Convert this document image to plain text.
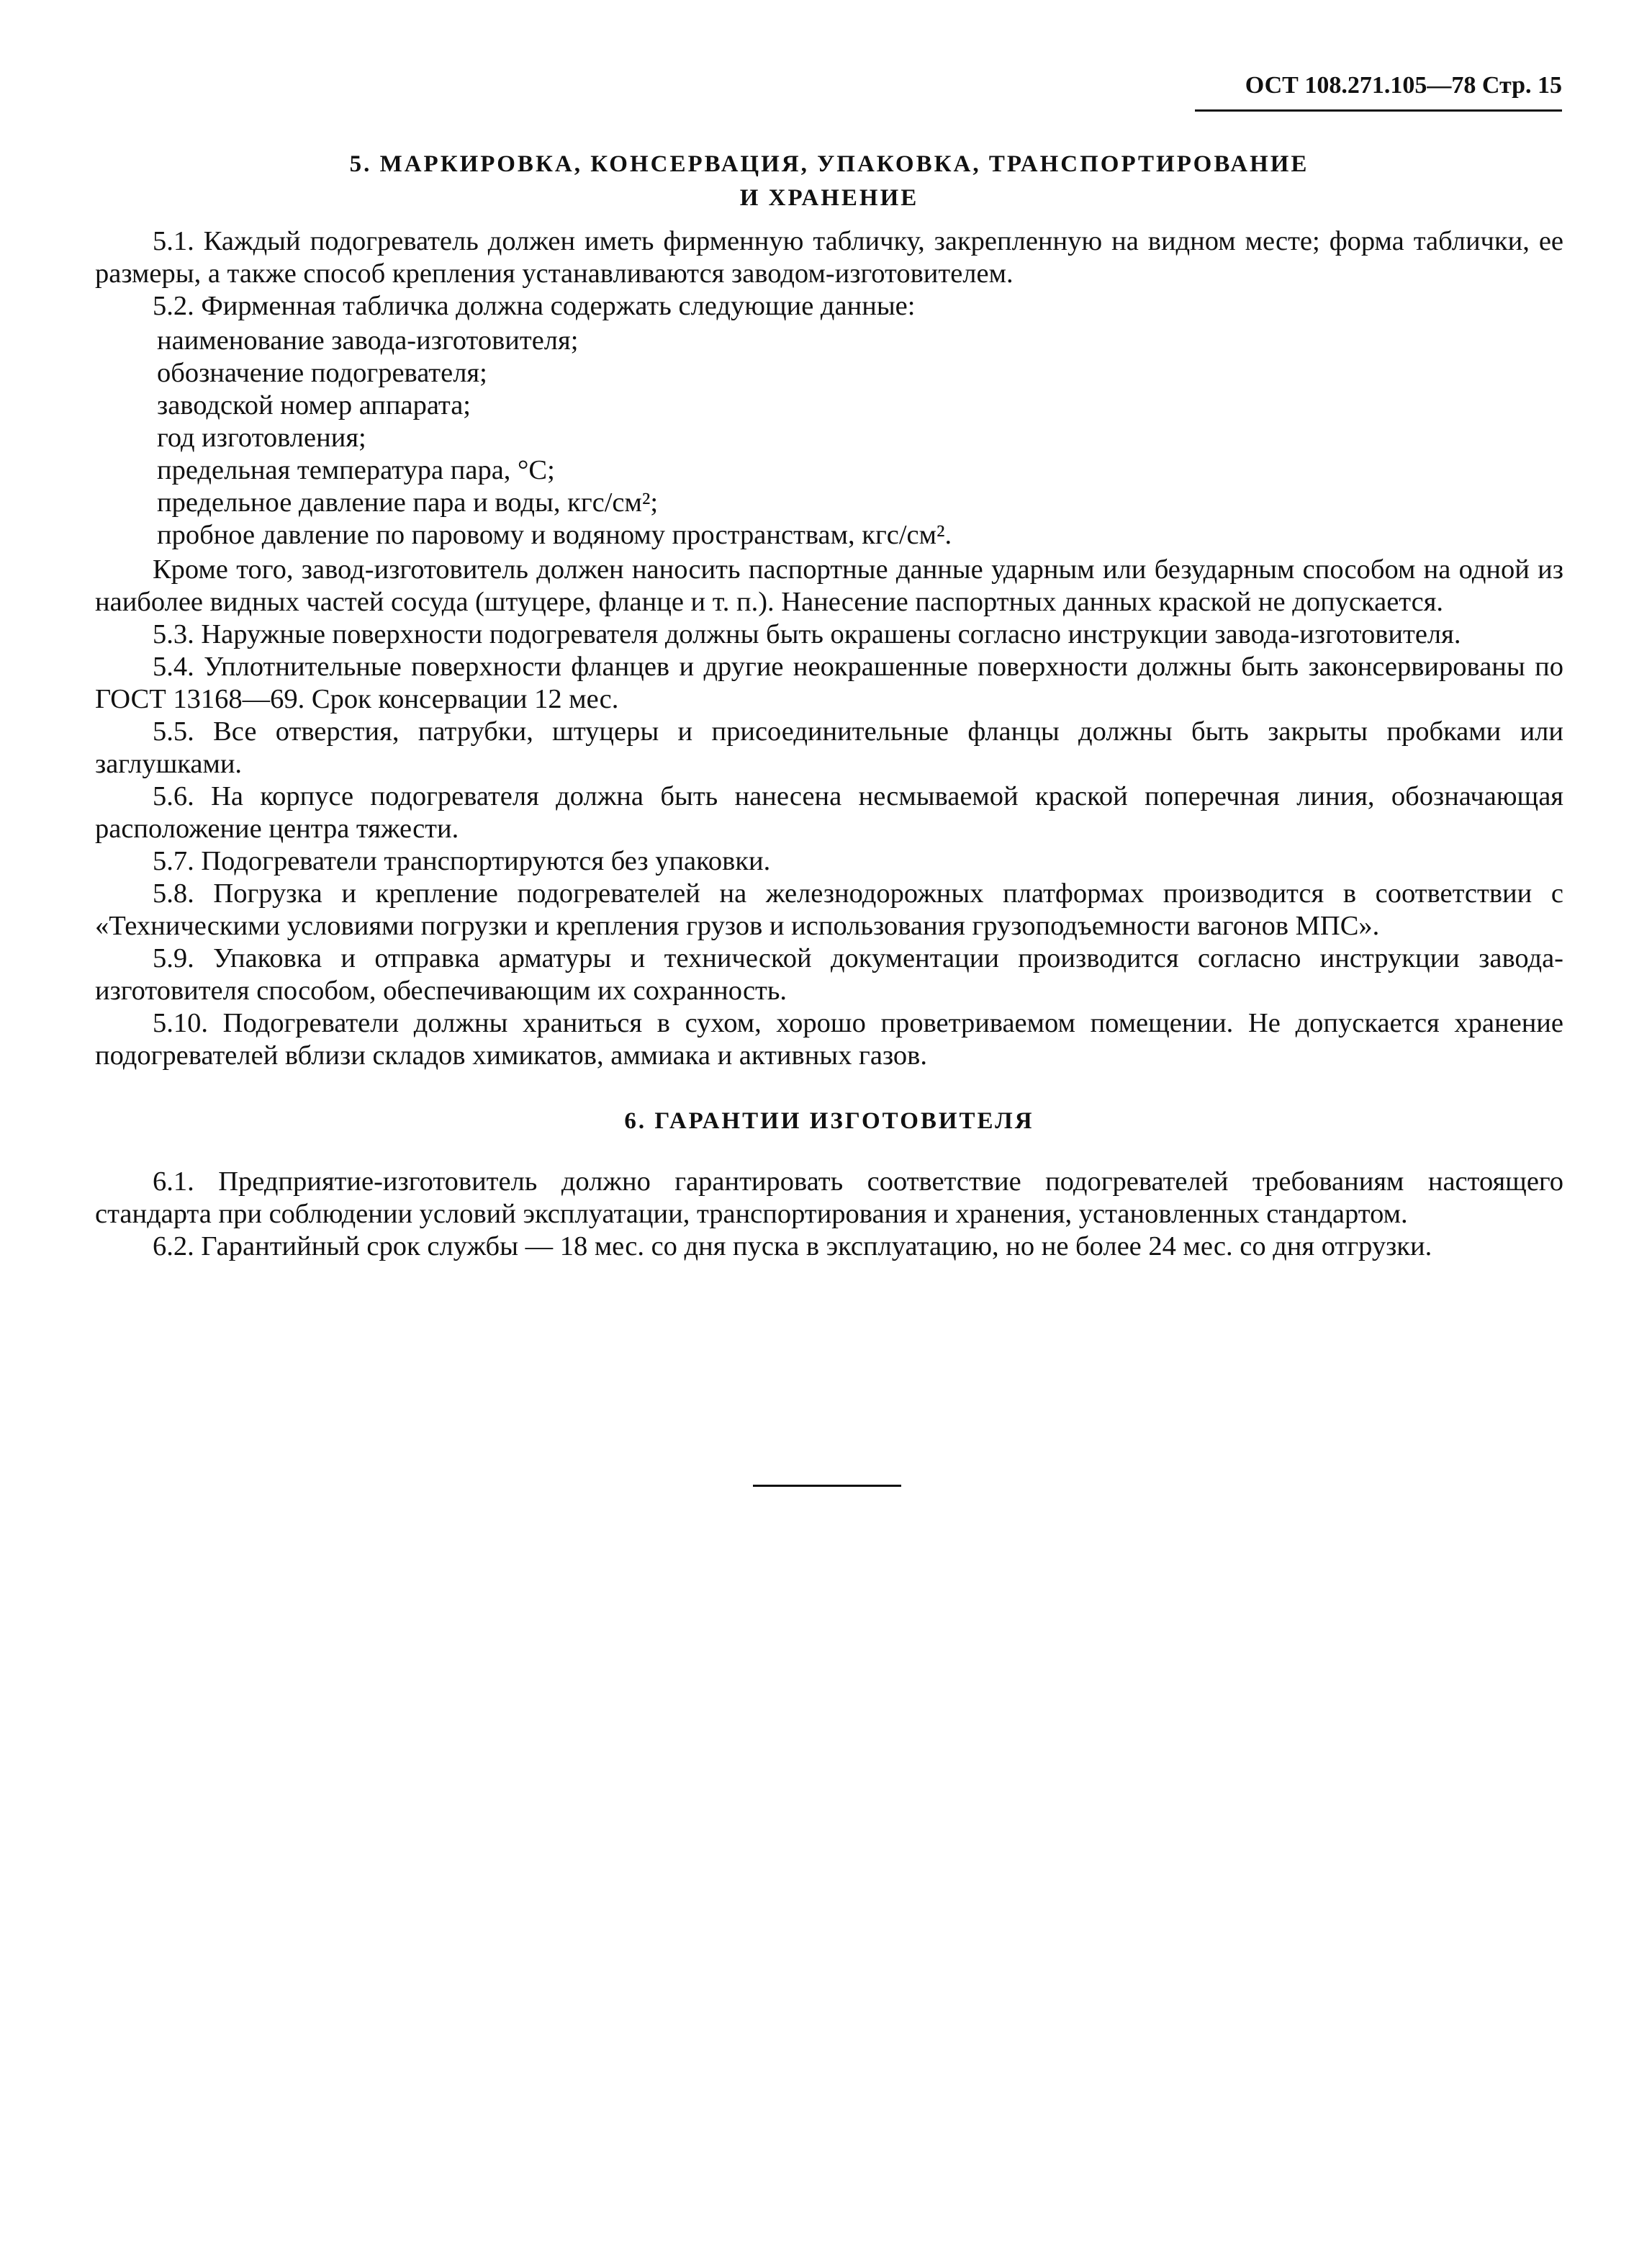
ОСТ 108.271.105—78 Стр. 15
5. МАРКИРОВКА, КОНСЕРВАЦИЯ, УПАКОВКА, ТРАНСПОРТИРОВАНИЕ
И ХРАНЕНИЕ

5.1. Каждый подогреватель должен иметь фирменную табличку, закрепленную на видном месте; форма таблички, ее размеры, а также способ крепления устанавливаются заводом-изготовителем.

5.2. Фирменная табличка должна содержать следующие данные:

наименование завода-изготовителя;
обозначение подогревателя;
заводской номер аппарата;
год изготовления;
предельная температура пара, °С;
предельное давление пара и воды, кгс/см²;
пробное давление по паровому и водяному пространствам, кгс/см².

Кроме того, завод-изготовитель должен наносить паспортные данные ударным или безударным способом на одной из наиболее видных частей сосуда (штуцере, фланце и т. п.). Нанесение паспортных данных краской не допускается.

5.3. Наружные поверхности подогревателя должны быть окрашены согласно инструкции завода-изготовителя.

5.4. Уплотнительные поверхности фланцев и другие неокрашенные поверхности должны быть законсервированы по ГОСТ 13168—69. Срок консервации 12 мес.

5.5. Все отверстия, патрубки, штуцеры и присоединительные фланцы должны быть закрыты пробками или заглушками.

5.6. На корпусе подогревателя должна быть нанесена несмываемой краской поперечная линия, обозначающая расположение центра тяжести.

5.7. Подогреватели транспортируются без упаковки.

5.8. Погрузка и крепление подогревателей на железнодорожных платформах производится в соответствии с «Техническими условиями погрузки и крепления грузов и использования грузоподъемности вагонов МПС».

5.9. Упаковка и отправка арматуры и технической документации производится согласно инструкции завода-изготовителя способом, обеспечивающим их сохранность.

5.10. Подогреватели должны храниться в сухом, хорошо проветриваемом помещении. Не допускается хранение подогревателей вблизи складов химикатов, аммиака и активных газов.

6. ГАРАНТИИ ИЗГОТОВИТЕЛЯ

6.1. Предприятие-изготовитель должно гарантировать соответствие подогревателей требованиям настоящего стандарта при соблюдении условий эксплуатации, транспортирования и хранения, установленных стандартом.

6.2. Гарантийный срок службы — 18 мес. со дня пуска в эксплуатацию, но не более 24 мес. со дня отгрузки.
